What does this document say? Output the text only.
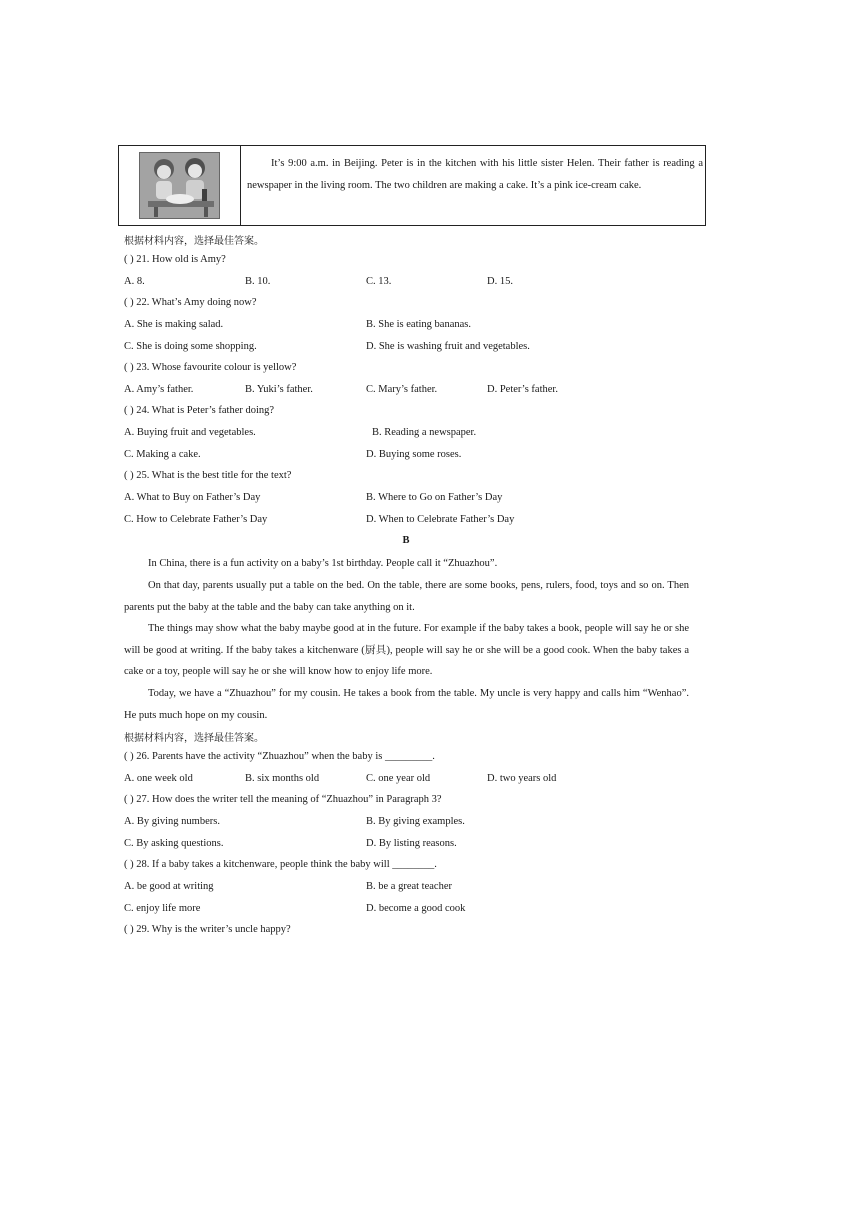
It’s 9:00 a.m. in Beijing. Peter is in the kitchen with his little sister Helen. Their father is reading a newspaper in the living room. The two children are making a cake. It’s a pink ice-cream cake.
根据材料内容，选择最佳答案。
( ) 21. How old is Amy?
A. 8.	B. 10.	C. 13.	D. 15.
( ) 22. What’s Amy doing now?
A. She is making salad.	B. She is eating bananas.
C. She is doing some shopping.	D. She is washing fruit and vegetables.
( ) 23. Whose favourite colour is yellow?
A. Amy’s father.	B. Yuki’s father.	C. Mary’s father.	D. Peter’s father.
( ) 24. What is Peter’s father doing?
A. Buying fruit and vegetables.	B. Reading a newspaper.
C. Making a cake.	D. Buying some roses.
( ) 25. What is the best title for the text?
A. What to Buy on Father’s Day	B. Where to Go on Father’s Day
C. How to Celebrate Father’s Day	D. When to Celebrate Father’s Day
B
In China, there is a fun activity on a baby’s 1st birthday. People call it “Zhuazhou”.
On that day, parents usually put a table on the bed. On the table, there are some books, pens, rulers, food, toys and so on. Then parents put the baby at the table and the baby can take anything on it.
The things may show what the baby maybe good at in the future. For example if the baby takes a book, people will say he or she will be good at writing. If the baby takes a kitchenware (厨具), people will say he or she will be a good cook. When the baby takes a cake or a toy, people will say he or she will know how to enjoy life more.
Today, we have a “Zhuazhou” for my cousin. He takes a book from the table. My uncle is very happy and calls him “Wenhao”. He puts much hope on my cousin.
根据材料内容，选择最佳答案。
( ) 26. Parents have the activity “Zhuazhou” when the baby is _________.
A. one week old	B. six months old	C. one year old	D. two years old
( ) 27. How does the writer tell the meaning of “Zhuazhou” in Paragraph 3?
A. By giving numbers.	B. By giving examples.
C. By asking questions.	D. By listing reasons.
( ) 28. If a baby takes a kitchenware, people think the baby will ________.
A. be good at writing	B. be a great teacher
C. enjoy life more	D. become a good cook
( ) 29. Why is the writer’s uncle happy?
